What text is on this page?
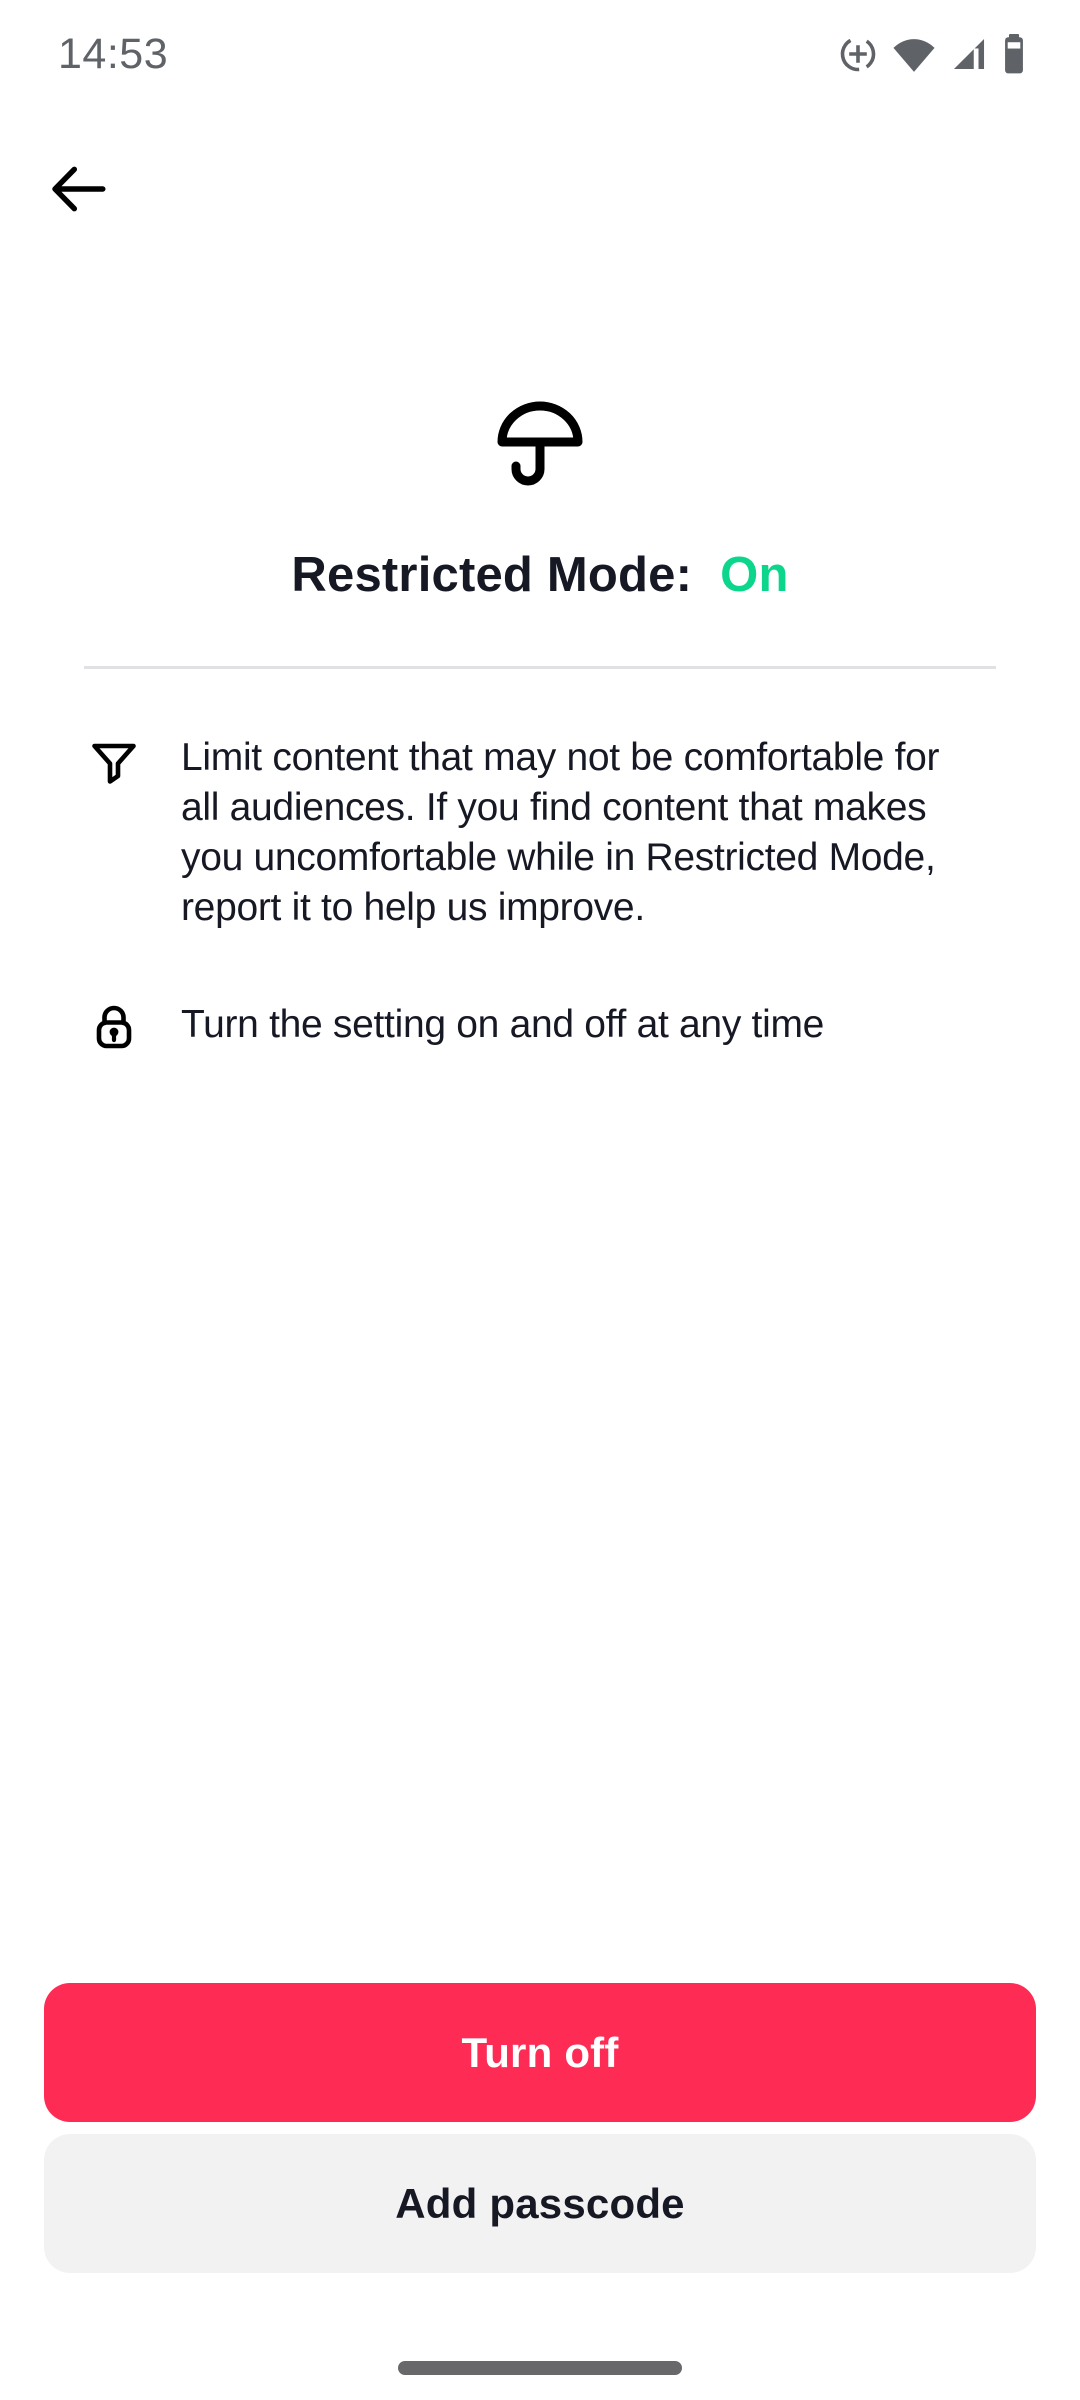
14:53
Restricted Mode: On

Limit content that may not be comfortable for all audiences. If you find content that makes you uncomfortable while in Restricted Mode, report it to help us improve.

Turn the setting on and off at any time

Turn off
Add passcode
